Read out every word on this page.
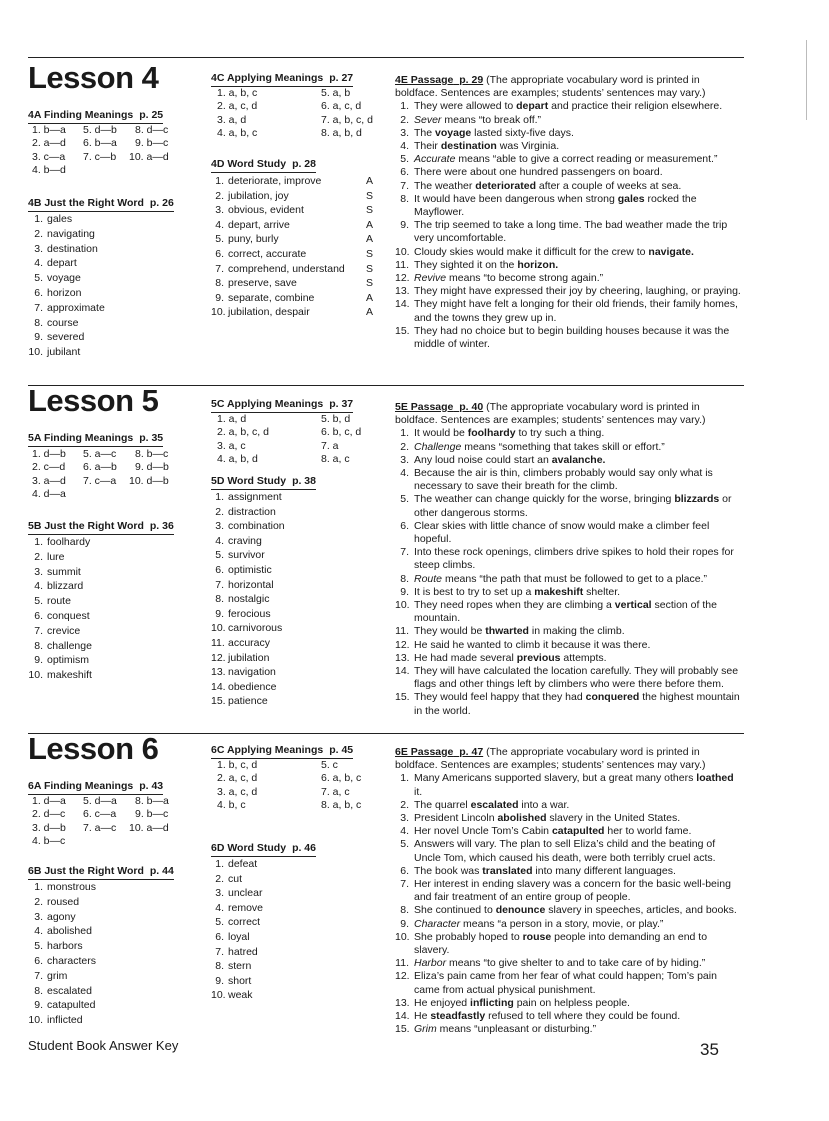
Lesson 4
4A Finding Meanings p. 25
1. b—a 5. d—b 8. d—c
2. a—d 6. b—a 9. b—c
3. c—a 7. c—b 10. a—d
4. b—d
4B Just the Right Word p. 26
1. gales
2. navigating
3. destination
4. depart
5. voyage
6. horizon
7. approximate
8. course
9. severed
10. jubilant
4C Applying Meanings p. 27
1. a, b, c	5. a, b
2. a, c, d	6. a, c, d
3. a, d	7. a, b, c, d
4. a, b, c	8. a, b, d
4D Word Study p. 28
1. deteriorate, improve	A
2. jubilation, joy	S
3. obvious, evident	S
4. depart, arrive	A
5. puny, burly	A
6. correct, accurate	S
7. comprehend, understand S
8. preserve, save	S
9. separate, combine	A
10. jubilation, despair	A
4E Passage p. 29 (The appropriate vocabulary word is printed in boldface. Sentences are examples; students’ sentences may vary.)
1. They were allowed to depart and practice their religion elsewhere.
2. Sever means “to break off.”
3. The voyage lasted sixty-five days.
4. Their destination was Virginia.
5. Accurate means “able to give a correct reading or measurement.”
6. There were about one hundred passengers on board.
7. The weather deteriorated after a couple of weeks at sea.
8. It would have been dangerous when strong gales rocked the Mayflower.
9. The trip seemed to take a long time. The bad weather made the trip very uncomfortable.
10. Cloudy skies would make it difficult for the crew to navigate.
11. They sighted it on the horizon.
12. Revive means “to become strong again.”
13. They might have expressed their joy by cheering, laughing, or praying.
14. They might have felt a longing for their old friends, their family homes, and the towns they grew up in.
15. They had no choice but to begin building houses because it was the middle of winter.
Lesson 5
5A Finding Meanings p. 35
1. d—b 5. a—c 8. b—c
2. c—d 6. a—b 9. d—b
3. a—d 7. c—a 10. d—b
4. d—a
5B Just the Right Word p. 36
1. foolhardy
2. lure
3. summit
4. blizzard
5. route
6. conquest
7. crevice
8. challenge
9. optimism
10. makeshift
5C Applying Meanings p. 37
1. a, d	5. b, d
2. a, b, c, d	6. b, c, d
3. a, c	7. a
4. a, b, d	8. a, c
5D Word Study p. 38
1. assignment
2. distraction
3. combination
4. craving
5. survivor
6. optimistic
7. horizontal
8. nostalgic
9. ferocious
10. carnivorous
11. accuracy
12. jubilation
13. navigation
14. obedience
15. patience
5E Passage p. 40 (The appropriate vocabulary word is printed in boldface. Sentences are examples; students’ sentences may vary.)
1. It would be foolhardy to try such a thing.
2. Challenge means “something that takes skill or effort.”
3. Any loud noise could start an avalanche.
4. Because the air is thin, climbers probably would say only what is necessary to save their breath for the climb.
5. The weather can change quickly for the worse, bringing blizzards or other dangerous storms.
6. Clear skies with little chance of snow would make a climber feel hopeful.
7. Into these rock openings, climbers drive spikes to hold their ropes for steep climbs.
8. Route means “the path that must be followed to get to a place.”
9. It is best to try to set up a makeshift shelter.
10. They need ropes when they are climbing a vertical section of the mountain.
11. They would be thwarted in making the climb.
12. He said he wanted to climb it because it was there.
13. He had made several previous attempts.
14. They will have calculated the location carefully. They will probably see flags and other things left by climbers who were there before them.
15. They would feel happy that they had conquered the highest mountain in the world.
Lesson 6
6A Finding Meanings p. 43
1. d—a 5. d—a 8. b—a
2. d—c 6. c—a 9. b—c
3. d—b 7. a—c 10. a—d
4. b—c
6B Just the Right Word p. 44
1. monstrous
2. roused
3. agony
4. abolished
5. harbors
6. characters
7. grim
8. escalated
9. catapulted
10. inflicted
6C Applying Meanings p. 45
1. b, c, d	5. c
2. a, c, d	6. a, b, c
3. a, c, d	7. a, c
4. b, c	8. a, b, c
6D Word Study p. 46
1. defeat
2. cut
3. unclear
4. remove
5. correct
6. loyal
7. hatred
8. stern
9. short
10. weak
6E Passage p. 47 (The appropriate vocabulary word is printed in boldface. Sentences are examples; students’ sentences may vary.)
1. Many Americans supported slavery, but a great many others loathed it.
2. The quarrel escalated into a war.
3. President Lincoln abolished slavery in the United States.
4. Her novel Uncle Tom’s Cabin catapulted her to world fame.
5. Answers will vary. The plan to sell Eliza’s child and the beating of Uncle Tom, which caused his death, were both terribly cruel acts.
6. The book was translated into many different languages.
7. Her interest in ending slavery was a concern for the basic well-being and fair treatment of an entire group of people.
8. She continued to denounce slavery in speeches, articles, and books.
9. Character means “a person in a story, movie, or play.”
10. She probably hoped to rouse people into demanding an end to slavery.
11. Harbor means “to give shelter to and to take care of by hiding.”
12. Eliza’s pain came from her fear of what could happen; Tom’s pain came from actual physical punishment.
13. He enjoyed inflicting pain on helpless people.
14. He steadfastly refused to tell where they could be found.
15. Grim means “unpleasant or disturbing.”
Student Book Answer Key	35
